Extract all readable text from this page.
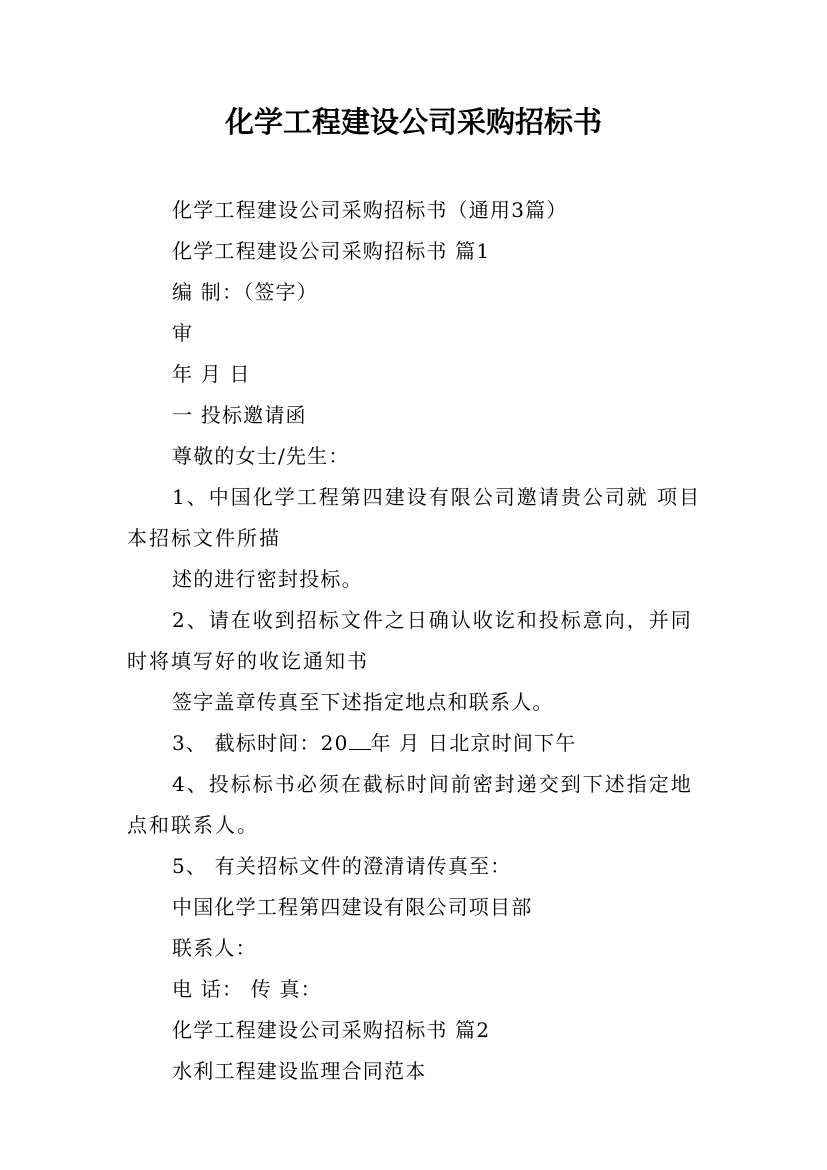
化学工程建设公司采购招标书

化学工程建设公司采购招标书（通用3篇）

化学工程建设公司采购招标书 篇1

编 制：（签字）

审

年 月 日

一 投标邀请函

尊敬的女士/先生：

1、中国化学工程第四建设有限公司邀请贵公司就 项目本招标文件所描

述的进行密封投标。

2、请在收到招标文件之日确认收讫和投标意向，并同时将填写好的收讫通知书

签字盖章传真至下述指定地点和联系人。

3、 截标时间：20 年 月 日北京时间下午

4、投标标书必须在截标时间前密封递交到下述指定地点和联系人。

5、 有关招标文件的澄清请传真至：

中国化学工程第四建设有限公司项目部

联系人：

电 话： 传 真：

化学工程建设公司采购招标书 篇2

水利工程建设监理合同范本
